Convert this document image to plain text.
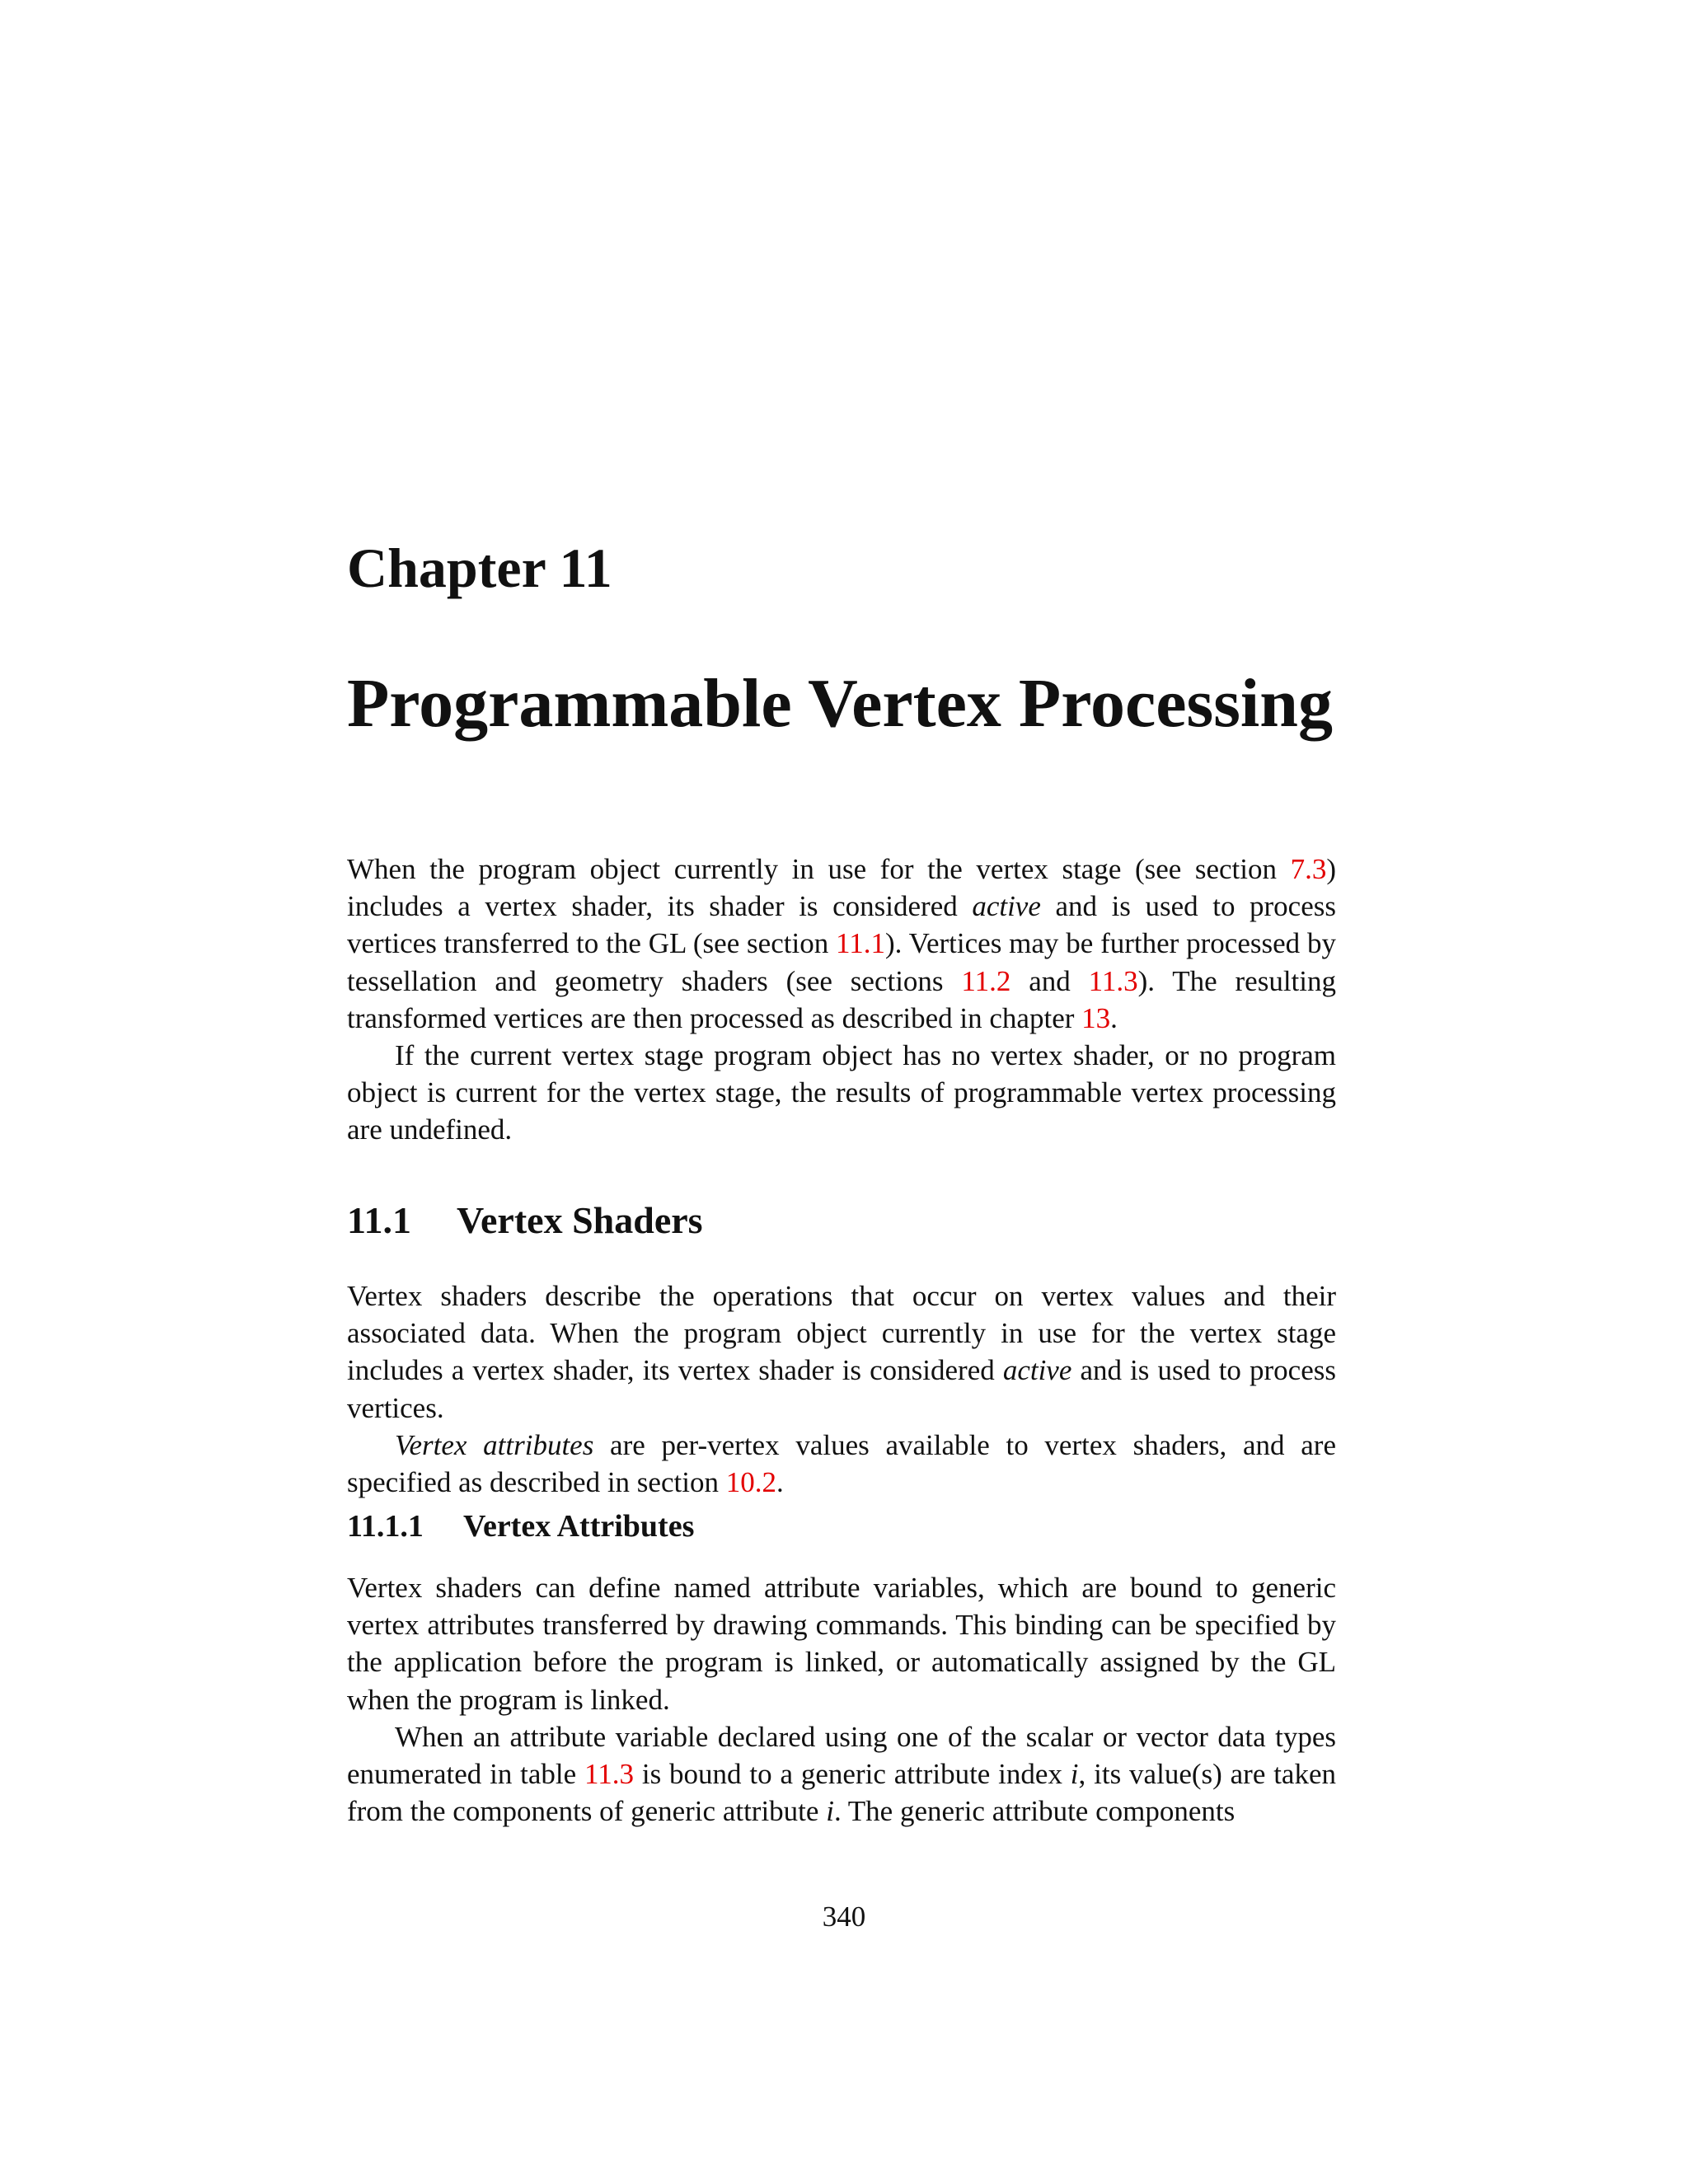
Chapter 11
Programmable Vertex Processing

When the program object currently in use for the vertex stage (see section 7.3) includes a vertex shader, its shader is considered active and is used to process vertices transferred to the GL (see section 11.1). Vertices may be further processed by tessellation and geometry shaders (see sections 11.2 and 11.3). The resulting transformed vertices are then processed as described in chapter 13.

If the current vertex stage program object has no vertex shader, or no program object is current for the vertex stage, the results of programmable vertex processing are undefined.

11.1 Vertex Shaders

Vertex shaders describe the operations that occur on vertex values and their associated data. When the program object currently in use for the vertex stage includes a vertex shader, its vertex shader is considered active and is used to process vertices.

Vertex attributes are per-vertex values available to vertex shaders, and are specified as described in section 10.2.

11.1.1 Vertex Attributes

Vertex shaders can define named attribute variables, which are bound to generic vertex attributes transferred by drawing commands. This binding can be specified by the application before the program is linked, or automatically assigned by the GL when the program is linked.

When an attribute variable declared using one of the scalar or vector data types enumerated in table 11.3 is bound to a generic attribute index i, its value(s) are taken from the components of generic attribute i. The generic attribute components

340
